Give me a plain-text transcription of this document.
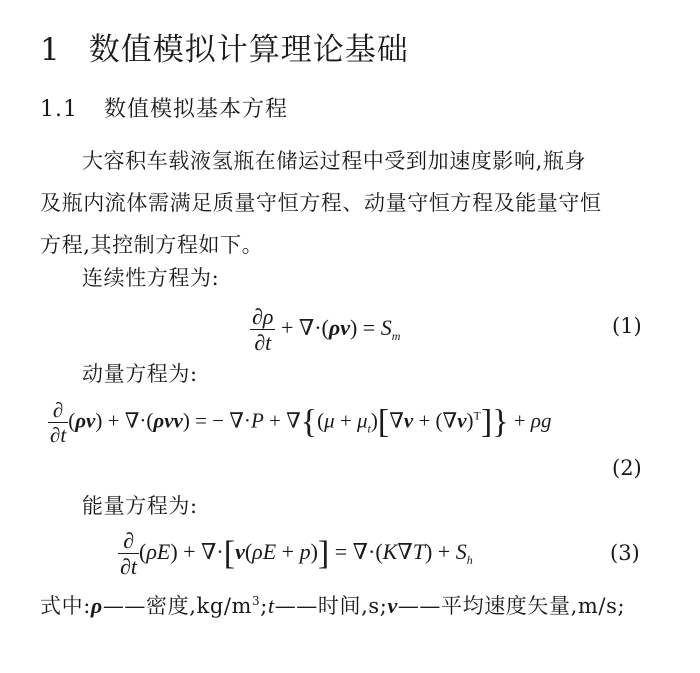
1 数值模拟计算理论基础
1.1 数值模拟基本方程
大容积车载液氢瓶在储运过程中受到加速度影响,瓶身
及瓶内流体需满足质量守恒方程、动量守恒方程及能量守恒
方程,其控制方程如下。
连续性方程为:
$\frac{\partial\rho}{\partial t} + \nabla\cdot(\rho v) = S_m$	(1)
动量方程为:
$\frac{\partial}{\partial t} (\rho v) + \nabla\cdot(\rho vv)$ = − $\nabla\cdot P + \nabla\{(\mu + \mu_t)[\nabla v + (\nabla v)^T]\} + \rho g$
(2)
能量方程为:
$\frac{\partial}{\partial t} (\rho E) + \nabla\cdot[v(\rho E + p)] = \nabla\cdot(K\nabla T) + S_h$	(3)
式中:ρ——密度$,kg/m^3;t——$时间,s;v——平均速度矢量,m/s;
